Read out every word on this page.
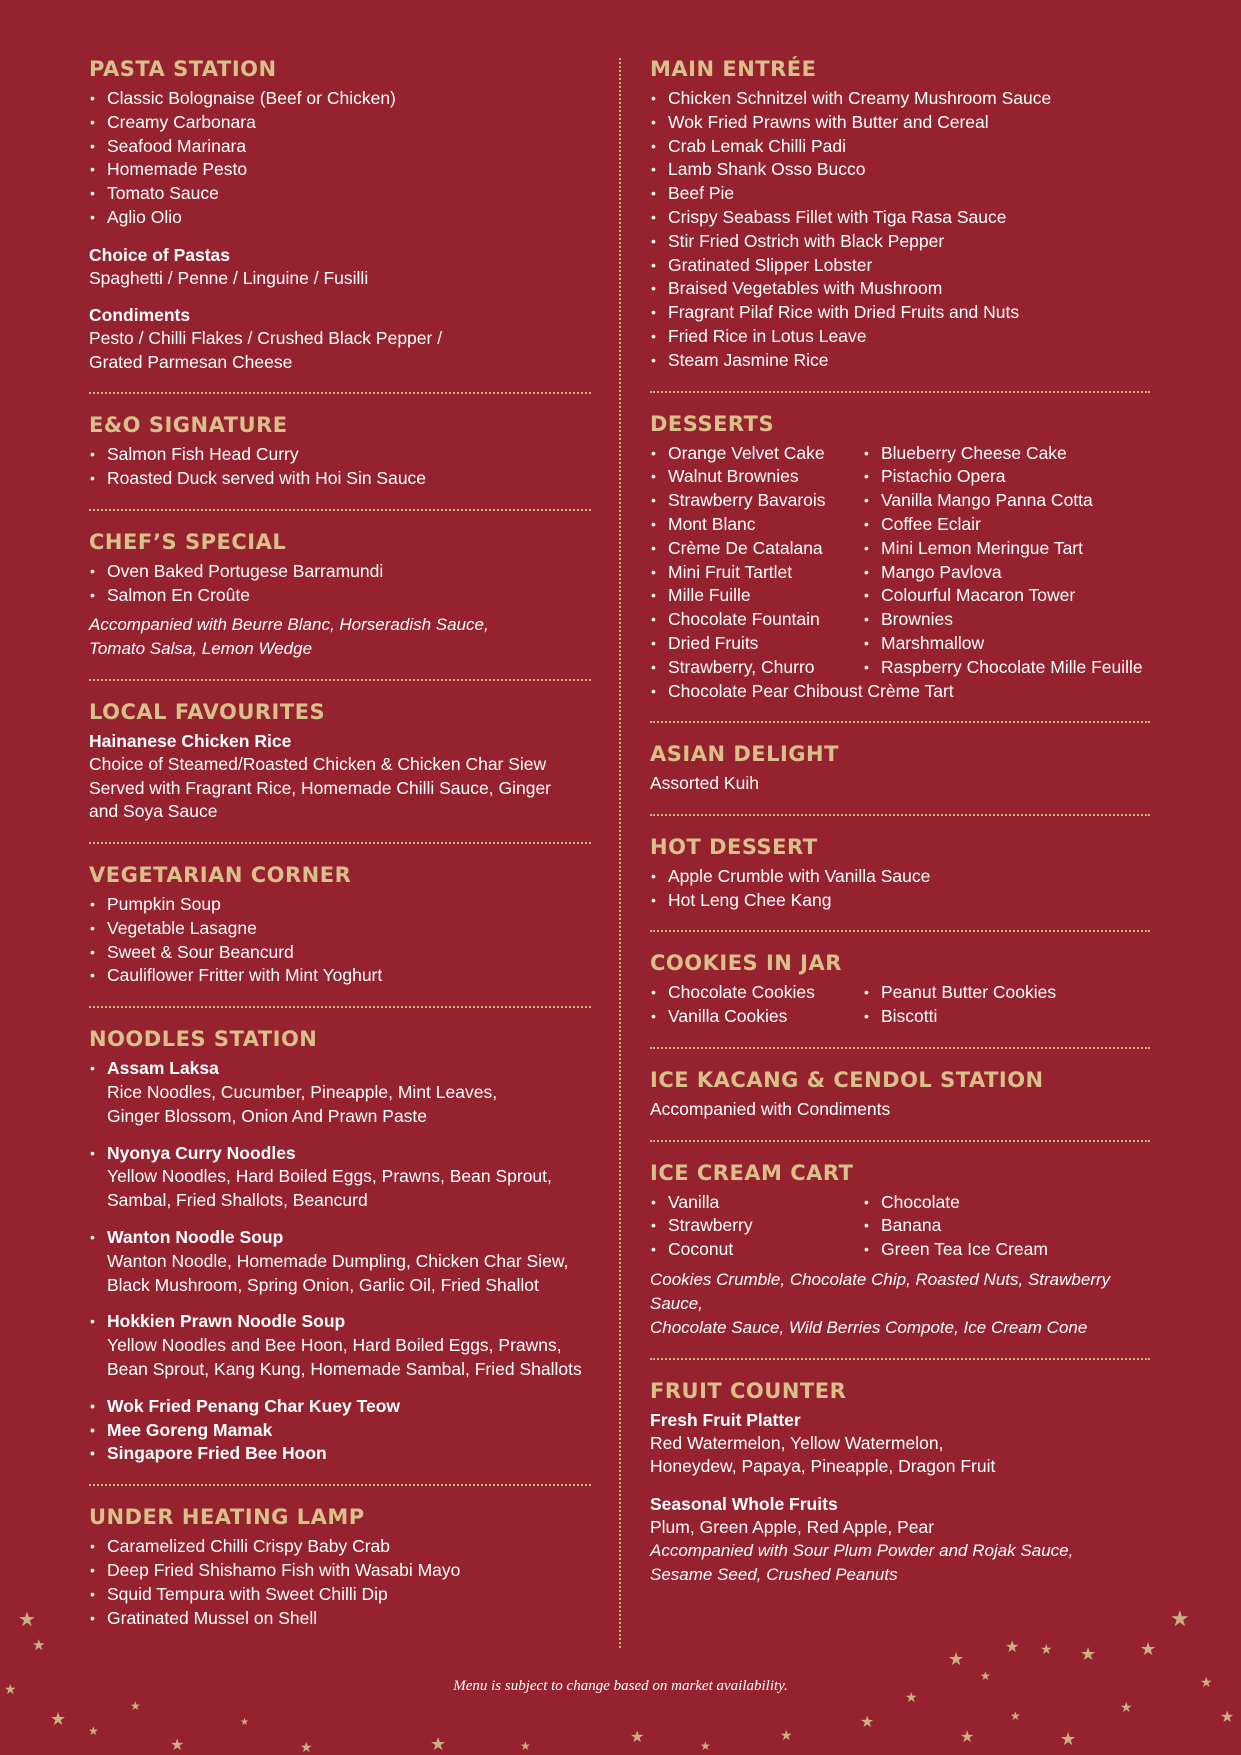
PASTA STATION
• Classic Bolognaise (Beef or Chicken)
• Creamy Carbonara
• Seafood Marinara
• Homemade Pesto
• Tomato Sauce
• Aglio Olio
Choice of Pastas
Spaghetti / Penne / Linguine / Fusilli
Condiments
Pesto / Chilli Flakes / Crushed Black Pepper /
Grated Parmesan Cheese
E&O SIGNATURE
• Salmon Fish Head Curry
• Roasted Duck served with Hoi Sin Sauce
CHEF’S SPECIAL
• Oven Baked Portugese Barramundi
• Salmon En Croûte
Accompanied with Beurre Blanc, Horseradish Sauce,
Tomato Salsa, Lemon Wedge
LOCAL FAVOURITES
Hainanese Chicken Rice
Choice of Steamed/Roasted Chicken & Chicken Char Siew
Served with Fragrant Rice, Homemade Chilli Sauce, Ginger
and Soya Sauce
VEGETARIAN CORNER
• Pumpkin Soup
• Vegetable Lasagne
• Sweet & Sour Beancurd
• Cauliflower Fritter with Mint Yoghurt
NOODLES STATION
• Assam Laksa
Rice Noodles, Cucumber, Pineapple, Mint Leaves,
Ginger Blossom, Onion And Prawn Paste
• Nyonya Curry Noodles
Yellow Noodles, Hard Boiled Eggs, Prawns, Bean Sprout,
Sambal, Fried Shallots, Beancurd
• Wanton Noodle Soup
Wanton Noodle, Homemade Dumpling, Chicken Char Siew,
Black Mushroom, Spring Onion, Garlic Oil, Fried Shallot
• Hokkien Prawn Noodle Soup
Yellow Noodles and Bee Hoon, Hard Boiled Eggs, Prawns,
Bean Sprout, Kang Kung, Homemade Sambal, Fried Shallots
• Wok Fried Penang Char Kuey Teow
• Mee Goreng Mamak
• Singapore Fried Bee Hoon
UNDER HEATING LAMP
• Caramelized Chilli Crispy Baby Crab
• Deep Fried Shishamo Fish with Wasabi Mayo
• Squid Tempura with Sweet Chilli Dip
• Gratinated Mussel on Shell
MAIN ENTRÉE
• Chicken Schnitzel with Creamy Mushroom Sauce
• Wok Fried Prawns with Butter and Cereal
• Crab Lemak Chilli Padi
• Lamb Shank Osso Bucco
• Beef Pie
• Crispy Seabass Fillet with Tiga Rasa Sauce
• Stir Fried Ostrich with Black Pepper
• Gratinated Slipper Lobster
• Braised Vegetables with Mushroom
• Fragrant Pilaf Rice with Dried Fruits and Nuts
• Fried Rice in Lotus Leave
• Steam Jasmine Rice
DESSERTS
• Orange Velvet Cake
• Walnut Brownies
• Strawberry Bavarois
• Mont Blanc
• Crème De Catalana
• Mini Fruit Tartlet
• Mille Fuille
• Chocolate Fountain
• Dried Fruits
• Strawberry, Churro
• Blueberry Cheese Cake
• Pistachio Opera
• Vanilla Mango Panna Cotta
• Coffee Eclair
• Mini Lemon Meringue Tart
• Mango Pavlova
• Colourful Macaron Tower
• Brownies
• Marshmallow
• Raspberry Chocolate Mille Feuille
• Chocolate Pear Chiboust Crème Tart
ASIAN DELIGHT
Assorted Kuih
HOT DESSERT
• Apple Crumble with Vanilla Sauce
• Hot Leng Chee Kang
COOKIES IN JAR
• Chocolate Cookies
• Vanilla Cookies
• Peanut Butter Cookies
• Biscotti
ICE KACANG & CENDOL STATION
Accompanied with Condiments
ICE CREAM CART
• Vanilla
• Strawberry
• Coconut
• Chocolate
• Banana
• Green Tea Ice Cream
Cookies Crumble, Chocolate Chip, Roasted Nuts, Strawberry Sauce,
Chocolate Sauce, Wild Berries Compote, Ice Cream Cone
FRUIT COUNTER
Fresh Fruit Platter
Red Watermelon, Yellow Watermelon,
Honeydew, Papaya, Pineapple, Dragon Fruit
Seasonal Whole Fruits
Plum, Green Apple, Red Apple, Pear
Accompanied with Sour Plum Powder and Rojak Sauce,
Sesame Seed, Crushed Peanuts
★
★
★
★
★
★
★
★
★	★	★	★	★
★
★
★
★
★
★ ★ ★ ★
★
★
★
★
★
★
★
Menu is subject to change based on market availability.
